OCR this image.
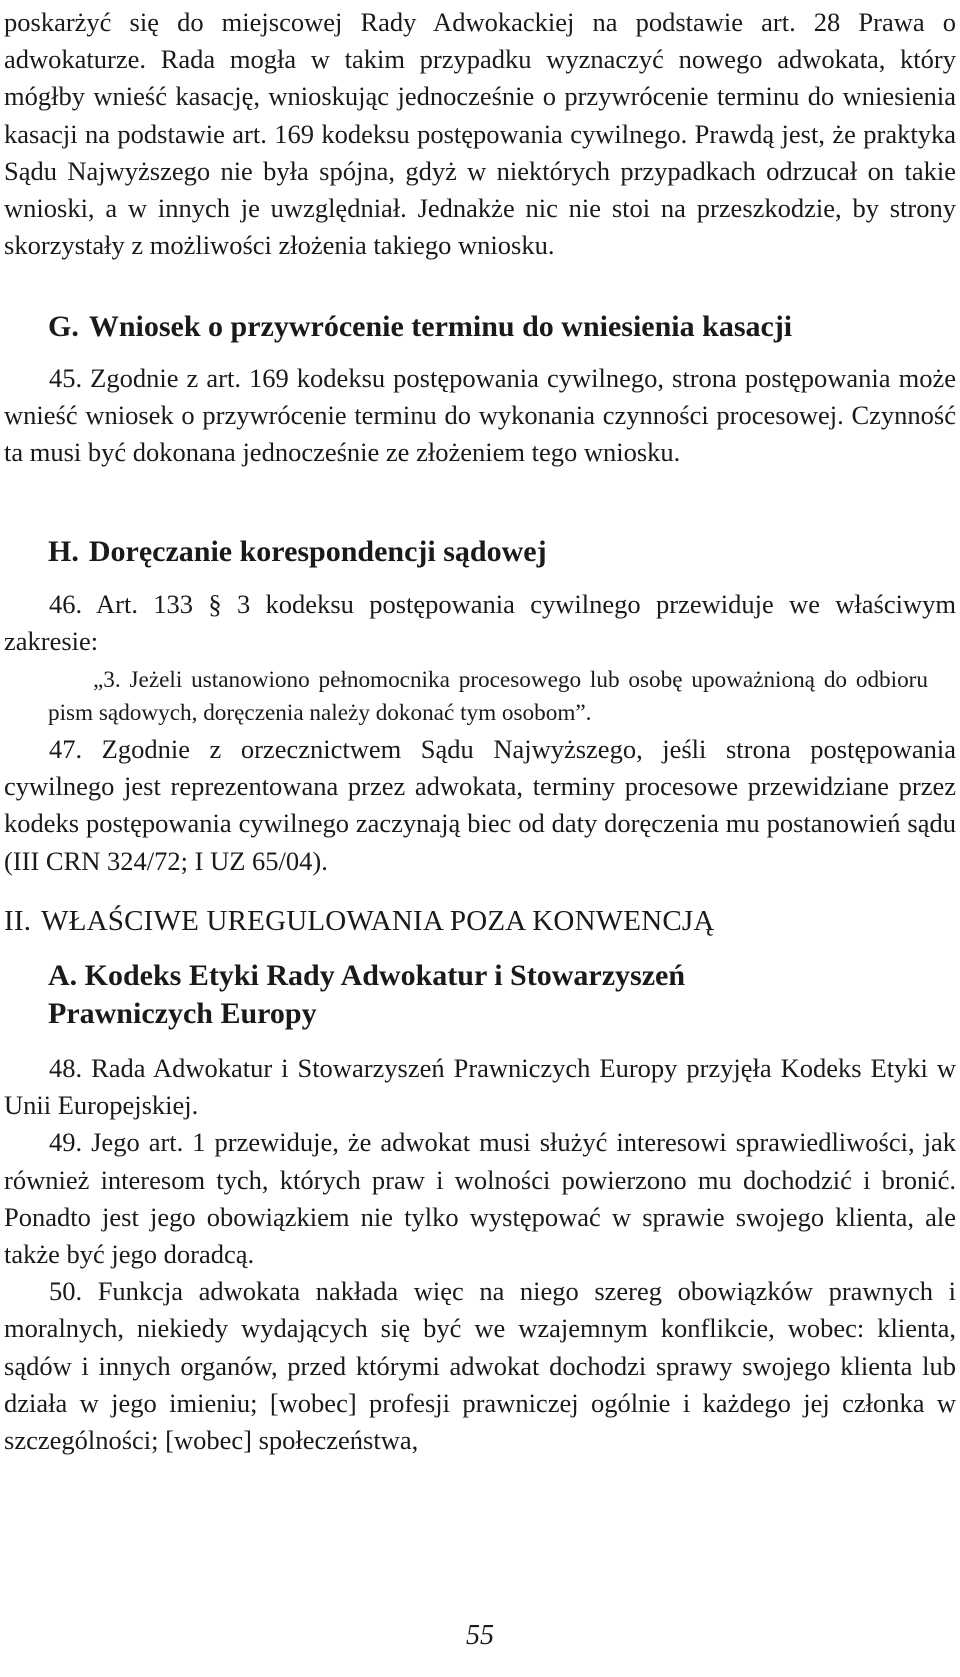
poskarżyć się do miejscowej Rady Adwokackiej na podstawie art. 28 Prawa o adwokaturze. Rada mogła w takim przypadku wyznaczyć nowego adwokata, który mógłby wnieść kasację, wnioskując jednocześnie o przywrócenie terminu do wniesienia kasacji na podstawie art. 169 kodeksu postępowania cywilnego. Prawdą jest, że praktyka Sądu Najwyższego nie była spójna, gdyż w niektórych przypadkach odrzucał on takie wnioski, a w innych je uwzględniał. Jednakże nic nie stoi na przeszkodzie, by strony skorzystały z możliwości złożenia takiego wniosku.

G. Wniosek o przywrócenie terminu do wniesienia kasacji

45. Zgodnie z art. 169 kodeksu postępowania cywilnego, strona postępowania może wnieść wniosek o przywrócenie terminu do wykonania czynności procesowej. Czynność ta musi być dokonana jednocześnie ze złożeniem tego wniosku.

H. Doręczanie korespondencji sądowej

46. Art. 133 § 3 kodeksu postępowania cywilnego przewiduje we właściwym zakresie:

„3. Jeżeli ustanowiono pełnomocnika procesowego lub osobę upoważnioną do odbioru pism sądowych, doręczenia należy dokonać tym osobom”.

47. Zgodnie z orzecznictwem Sądu Najwyższego, jeśli strona postępowania cywilnego jest reprezentowana przez adwokata, terminy procesowe przewidziane przez kodeks postępowania cywilnego zaczynają biec od daty doręczenia mu postanowień sądu (III CRN 324/72; I UZ 65/04).

II. WŁAŚCIWE UREGULOWANIA POZA KONWENCJĄ
A. Kodeks Etyki Rady Adwokatur i Stowarzyszeń
Prawniczych Europy

48. Rada Adwokatur i Stowarzyszeń Prawniczych Europy przyjęła Kodeks Etyki w Unii Europejskiej.

49. Jego art. 1 przewiduje, że adwokat musi służyć interesowi sprawiedliwości, jak również interesom tych, których praw i wolności powierzono mu dochodzić i bronić. Ponadto jest jego obowiązkiem nie tylko występować w sprawie swojego klienta, ale także być jego doradcą.

50. Funkcja adwokata nakłada więc na niego szereg obowiązków prawnych i moralnych, niekiedy wydających się być we wzajemnym konflikcie, wobec: klienta, sądów i innych organów, przed którymi adwokat dochodzi sprawy swojego klienta lub działa w jego imieniu; [wobec] profesji prawniczej ogólnie i każdego jej członka w szczególności; [wobec] społeczeństwa,

55
